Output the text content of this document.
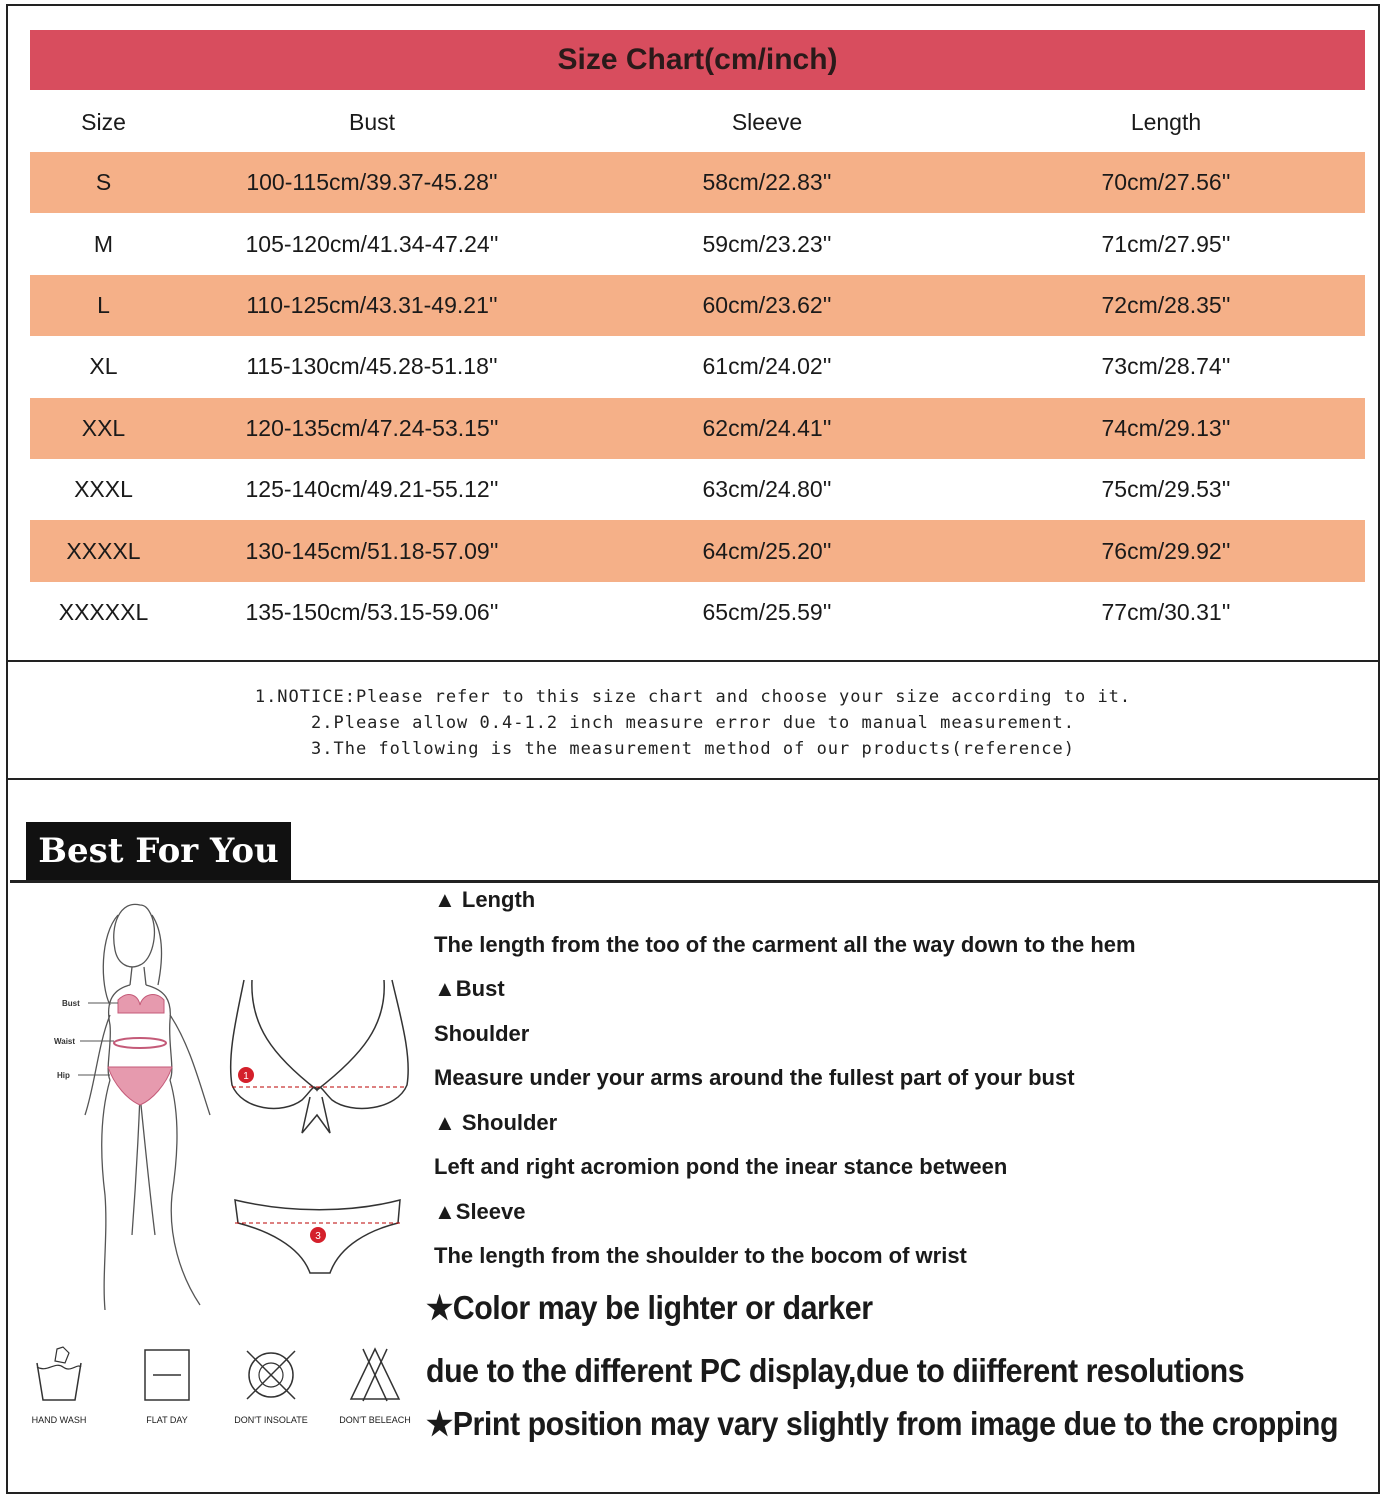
Size Chart(cm/inch)
Size	Bust	Sleeve	Length
S	100-115cm/39.37-45.28''	58cm/22.83''	70cm/27.56''
M	105-120cm/41.34-47.24''	59cm/23.23''	71cm/27.95''
L	110-125cm/43.31-49.21''	60cm/23.62''	72cm/28.35''
XL	115-130cm/45.28-51.18''	61cm/24.02''	73cm/28.74''
XXL	120-135cm/47.24-53.15''	62cm/24.41''	74cm/29.13''
XXXL	125-140cm/49.21-55.12''	63cm/24.80''	75cm/29.53''
XXXXL	130-145cm/51.18-57.09''	64cm/25.20''	76cm/29.92''
XXXXXL	135-150cm/53.15-59.06''	65cm/25.59''	77cm/30.31''
1.NOTICE:Please refer to this size chart and choose your size according to it.
2.Please allow 0.4-1.2 inch measure error due to manual measurement.
3.The following is the measurement method of our products(reference)
Best For You
Bust
Waist
Hip	1
3
▲ Length
The length from the too of the carment all the way down to the hem
▲Bust
Shoulder
Measure under your arms around the fullest part of your bust
▲ Shoulder
Left and right acromion pond the inear stance between
▲Sleeve
The length from the shoulder to the bocom of wrist
★Color may be lighter or darker
due to the different PC display,due to diifferent resolutions
★Print position may vary slightly from image due to the cropping
HAND WASH	FLAT DAY	DON'T INSOLATE	DON'T BELEACH
